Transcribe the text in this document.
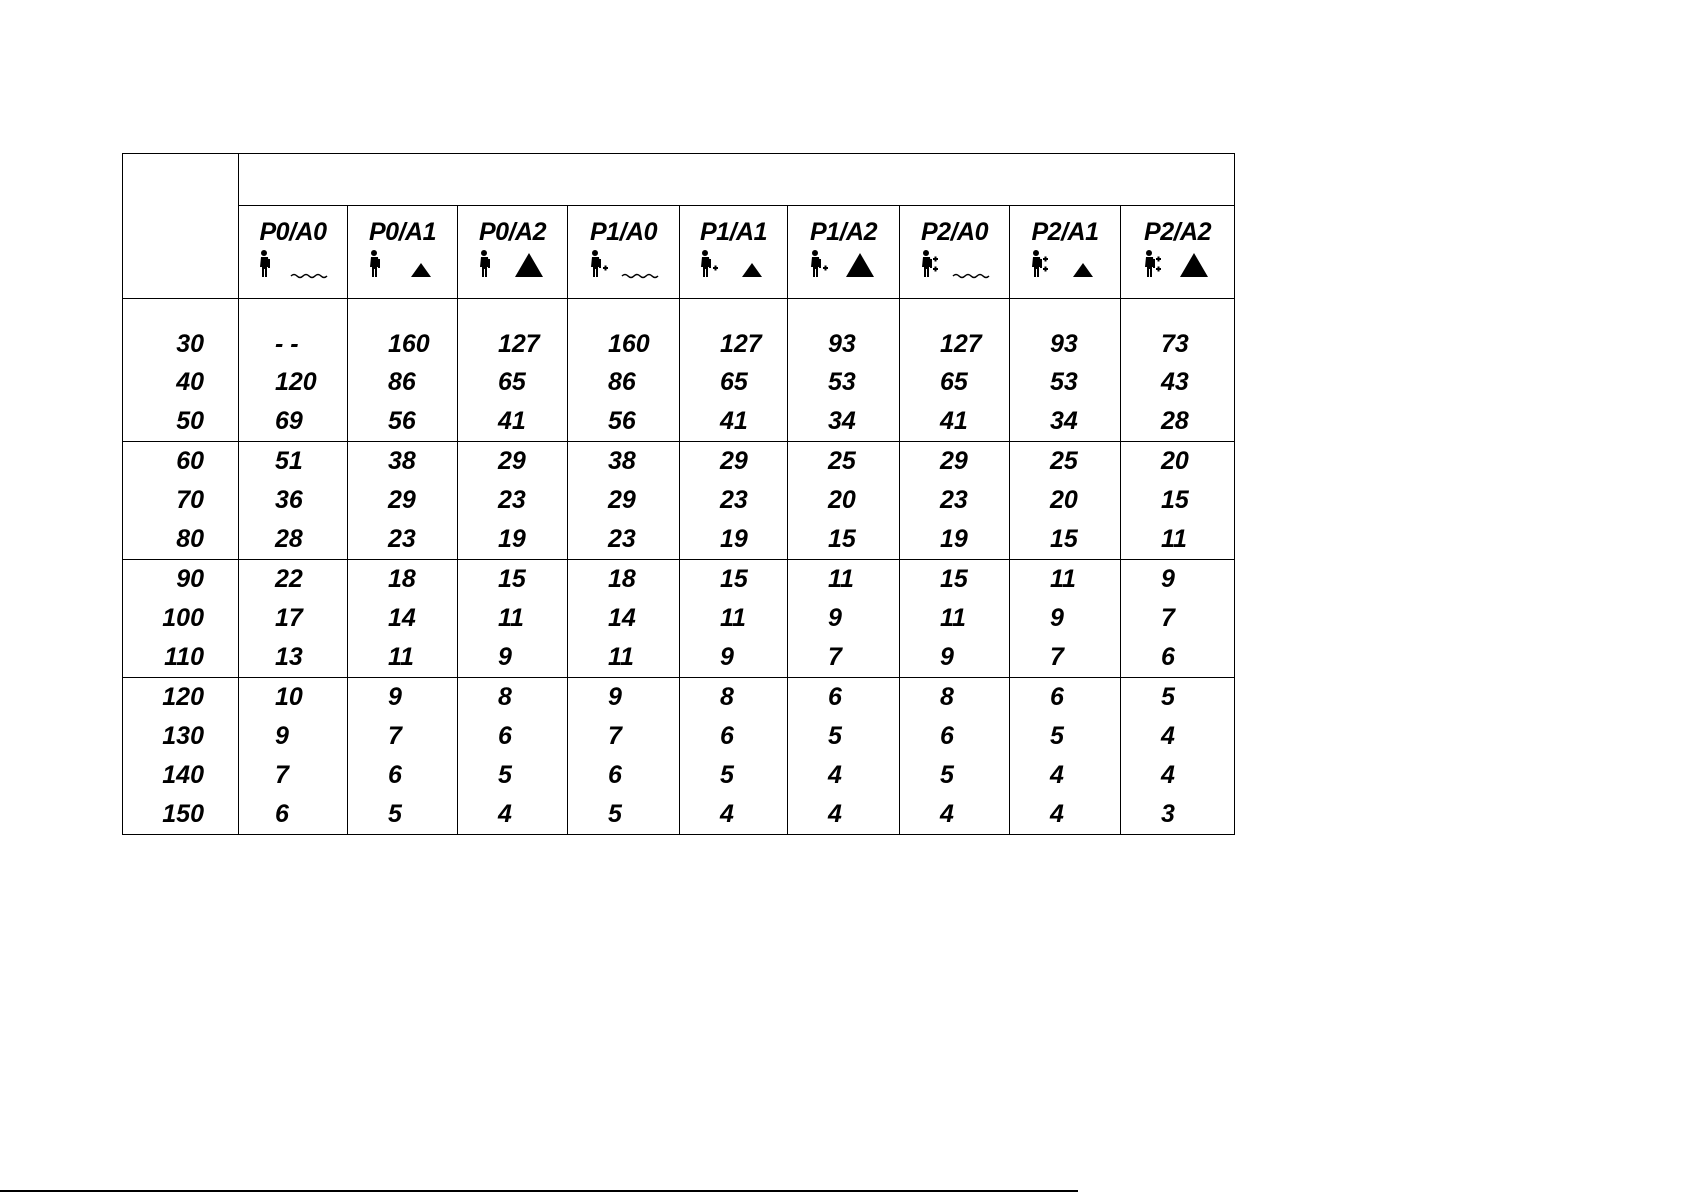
	P0/A0	P0/A1	P0/A2	P1/A0	P1/A1	P1/A2	P2/A0	P2/A1	P2/A2

30	- -	160	127	160	127	93	127	93	73
40	120	86	65	86	65	53	65	53	43
50	69	56	41	56	41	34	41	34	28
60	51	38	29	38	29	25	29	25	20
70	36	29	23	29	23	20	23	20	15
80	28	23	19	23	19	15	19	15	11
90	22	18	15	18	15	11	15	11	9
100	17	14	11	14	11	9	11	9	7
110	13	11	9	11	9	7	9	7	6
120	10	9	8	9	8	6	8	6	5
130	9	7	6	7	6	5	6	5	4
140	7	6	5	6	5	4	5	4	4
150	6	5	4	5	4	4	4	4	3
